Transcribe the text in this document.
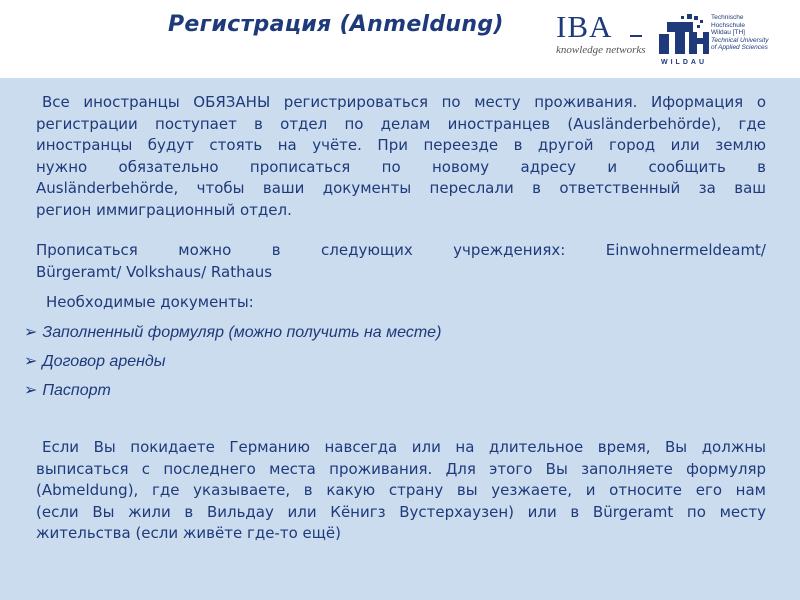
Регистрация (Anmeldung) IBA
knowledge networks
Technische
Hochschule
Wildau [TH]
Technical University
of Applied Sciences
WILDAU
Все иностранцы ОБЯЗАНЫ регистрироваться по месту проживания. Иформация о
регистрации поступает в отдел по делам иностранцев (Ausländerbehörde), где
иностранцы будут стоять на учёте. При переезде в другой город или землю
нужно обязательно прописаться по новому адресу и сообщить в
Ausländerbehörde, чтобы ваши документы переслали в ответственный за ваш
регион иммиграционный отдел.
Прописаться можно в следующих учреждениях: Einwohnermeldeamt/
Bürgeramt/ Volkshaus/ Rathaus
Необходимые документы:
➢ Заполненный формуляр (можно получить на месте)
➢ Договор аренды
➢ Паспорт
Если Вы покидаете Германию навсегда или на длительное время, Вы должны
выписаться с последнего места проживания. Для этого Вы заполняете формуляр
(Abmeldung), где указываете, в какую страну вы уезжаете, и относите его нам
(если Вы жили в Вильдау или Кёнигз Вустерхаузен) или в Bürgeramt по месту
жительства (если живёте где-то ещё)
